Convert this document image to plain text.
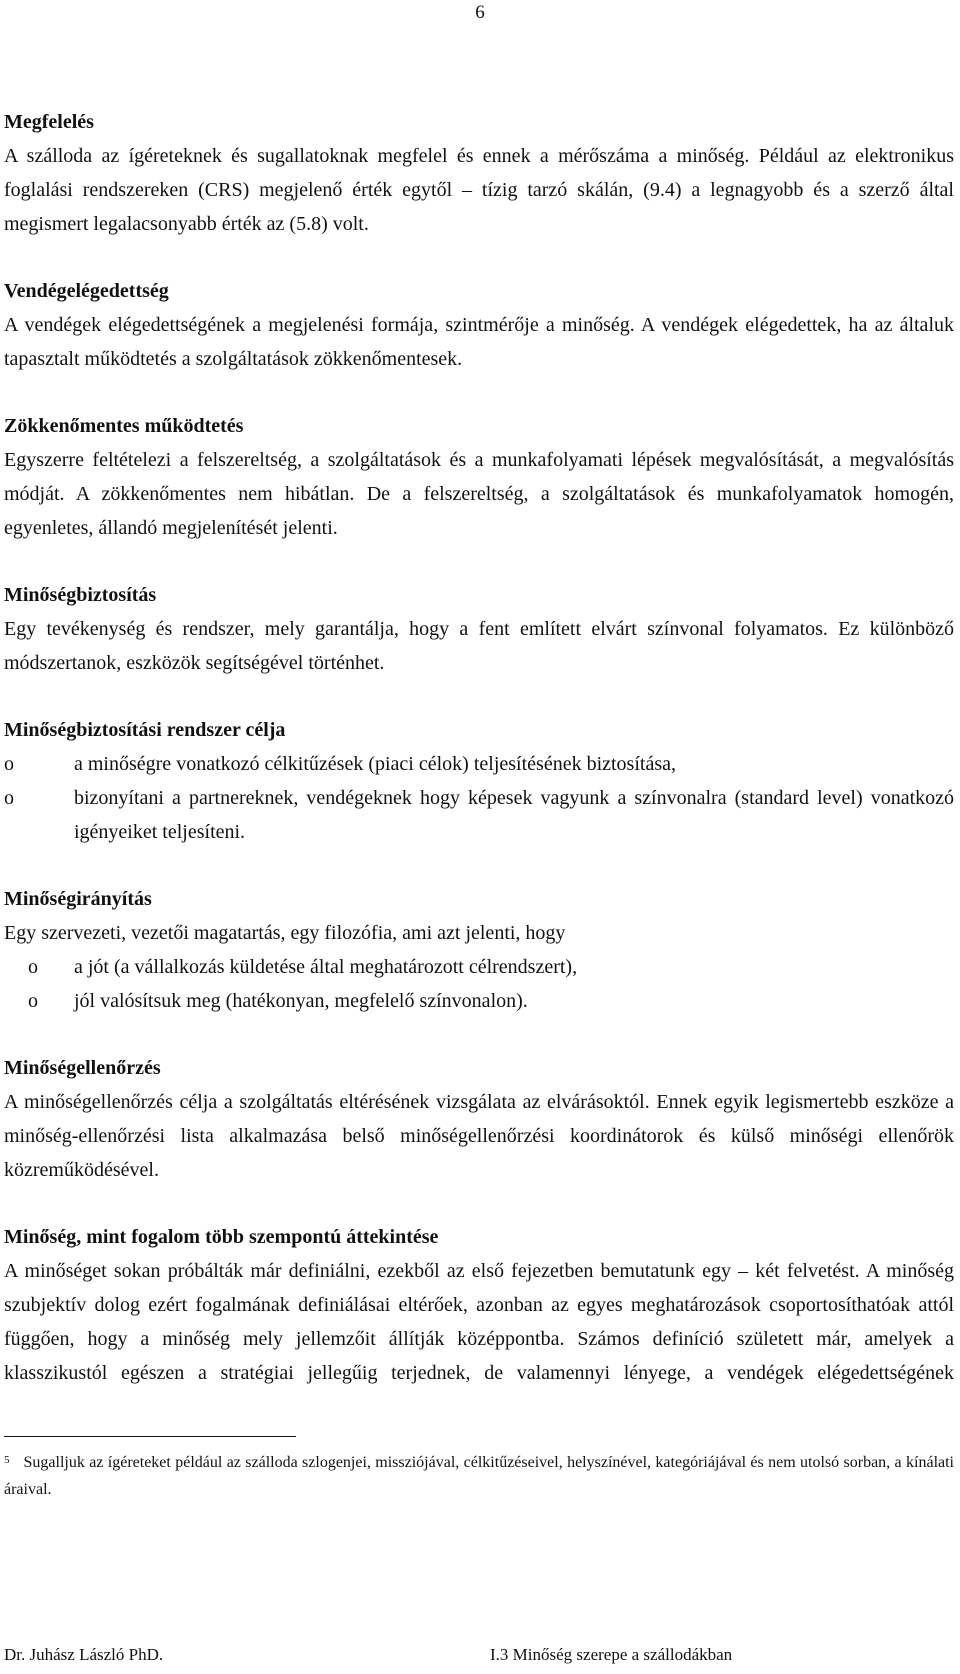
6
Megfelelés
A szálloda az ígéreteknek és sugallatoknak megfelel és ennek a mérőszáma a minőség. Például az elektronikus foglalási rendszereken (CRS) megjelenő érték egytől – tízig tarzó skálán, (9.4) a legnagyobb és a szerző által megismert legalacsonyabb érték az (5.8) volt.
Vendégelégedettség
A vendégek elégedettségének a megjelenési formája, szintmérője a minőség. A vendégek elégedettek, ha az általuk tapasztalt működtetés a szolgáltatások zökkenőmentesek.
Zökkenőmentes működtetés
Egyszerre feltételezi a felszereltség, a szolgáltatások és a munkafolyamati lépések megvalósítását, a megvalósítás módját. A zökkenőmentes nem hibátlan. De a felszereltség, a szolgáltatások és munkafolyamatok homogén, egyenletes, állandó megjelenítését jelenti.
Minőségbiztosítás
Egy tevékenység és rendszer, mely garantálja, hogy a fent említett elvárt színvonal folyamatos. Ez különböző módszertanok, eszközök segítségével történhet.
Minőségbiztosítási rendszer célja
o	a minőségre vonatkozó célkitűzések (piaci célok) teljesítésének biztosítása,
o	bizonyítani a partnereknek, vendégeknek hogy képesek vagyunk a színvonalra (standard level) vonatkozó igényeiket teljesíteni.
Minőségirányítás
Egy szervezeti, vezetői magatartás, egy filozófia, ami azt jelenti, hogy
o a jót (a vállalkozás küldetése által meghatározott célrendszert),
o jól valósítsuk meg (hatékonyan, megfelelő színvonalon).
Minőségellenőrzés
A minőségellenőrzés célja a szolgáltatás eltérésének vizsgálata az elvárásoktól. Ennek egyik legismertebb eszköze a minőség-ellenőrzési lista alkalmazása belső minőségellenőrzési koordinátorok és külső minőségi ellenőrök közreműködésével.
Minőség, mint fogalom több szempontú áttekintése
A minőséget sokan próbálták már definiálni, ezekből az első fejezetben bemutatunk egy – két felvetést. A minőség szubjektív dolog ezért fogalmának definiálásai eltérőek, azonban az egyes meghatározások csoportosíthatóak attól függően, hogy a minőség mely jellemzőit állítják középpontba. Számos definíció született már, amelyek a klasszikustól egészen a stratégiai jellegűig terjednek, de valamennyi lényege, a vendégek elégedettségének
$^5$ Sugalljuk az ígéreteket például az szálloda szlogenjei, missziójával, célkitűzéseivel, helyszínével, kategóriájával és nem utolsó sorban, a kínálati áraival.
Dr. Juhász László PhD.	I.3 Minőség szerepe a szállodákban
